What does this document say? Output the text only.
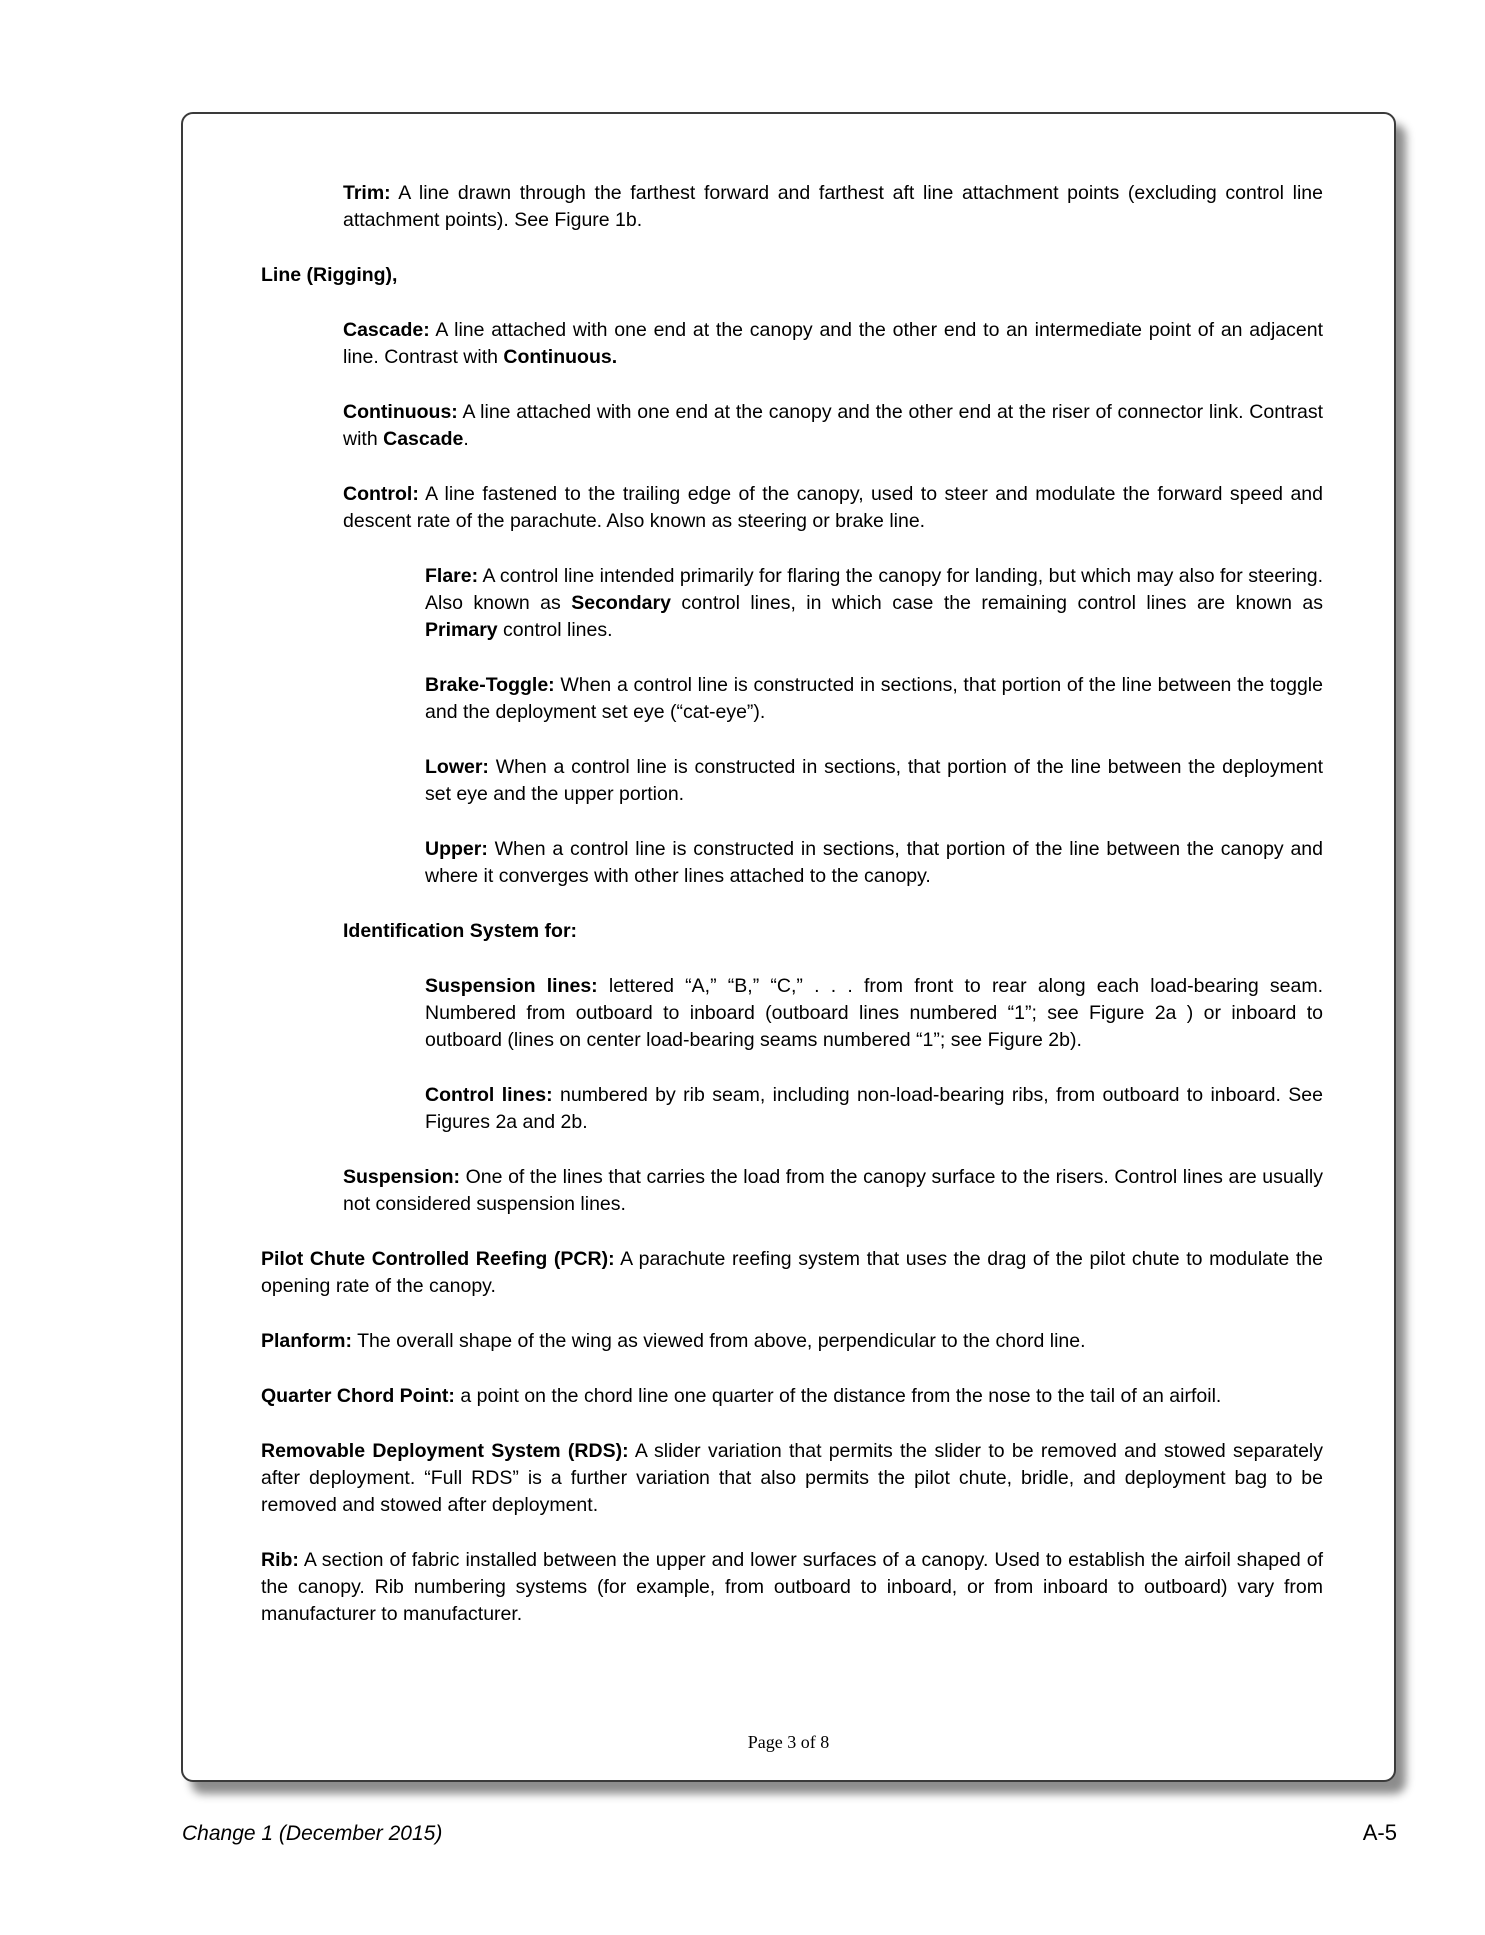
Trim: A line drawn through the farthest forward and farthest aft line attachment points (excluding control line attachment points). See Figure 1b.

Line (Rigging),

Cascade: A line attached with one end at the canopy and the other end to an intermediate point of an adjacent line. Contrast with Continuous.

Continuous: A line attached with one end at the canopy and the other end at the riser of connector link. Contrast with Cascade.

Control: A line fastened to the trailing edge of the canopy, used to steer and modulate the forward speed and descent rate of the parachute. Also known as steering or brake line.

Flare: A control line intended primarily for flaring the canopy for landing, but which may also for steering. Also known as Secondary control lines, in which case the remaining control lines are known as Primary control lines.

Brake-Toggle: When a control line is constructed in sections, that portion of the line between the toggle and the deployment set eye (“cat-eye”).

Lower: When a control line is constructed in sections, that portion of the line between the deployment set eye and the upper portion.

Upper: When a control line is constructed in sections, that portion of the line between the canopy and where it converges with other lines attached to the canopy.

Identification System for:

Suspension lines: lettered “A,” “B,” “C,” . . . from front to rear along each load-bearing seam. Numbered from outboard to inboard (outboard lines numbered “1”; see Figure 2a ) or inboard to outboard (lines on center load-bearing seams numbered “1”; see Figure 2b).

Control lines: numbered by rib seam, including non-load-bearing ribs, from outboard to inboard. See Figures 2a and 2b.

Suspension: One of the lines that carries the load from the canopy surface to the risers. Control lines are usually not considered suspension lines.

Pilot Chute Controlled Reefing (PCR): A parachute reefing system that uses the drag of the pilot chute to modulate the opening rate of the canopy.

Planform: The overall shape of the wing as viewed from above, perpendicular to the chord line.

Quarter Chord Point: a point on the chord line one quarter of the distance from the nose to the tail of an airfoil.

Removable Deployment System (RDS): A slider variation that permits the slider to be removed and stowed separately after deployment. “Full RDS” is a further variation that also permits the pilot chute, bridle, and deployment bag to be removed and stowed after deployment.

Rib: A section of fabric installed between the upper and lower surfaces of a canopy. Used to establish the airfoil shaped of the canopy. Rib numbering systems (for example, from outboard to inboard, or from inboard to outboard) vary from manufacturer to manufacturer.

Page 3 of 8
Change 1 (December 2015)	A-5
